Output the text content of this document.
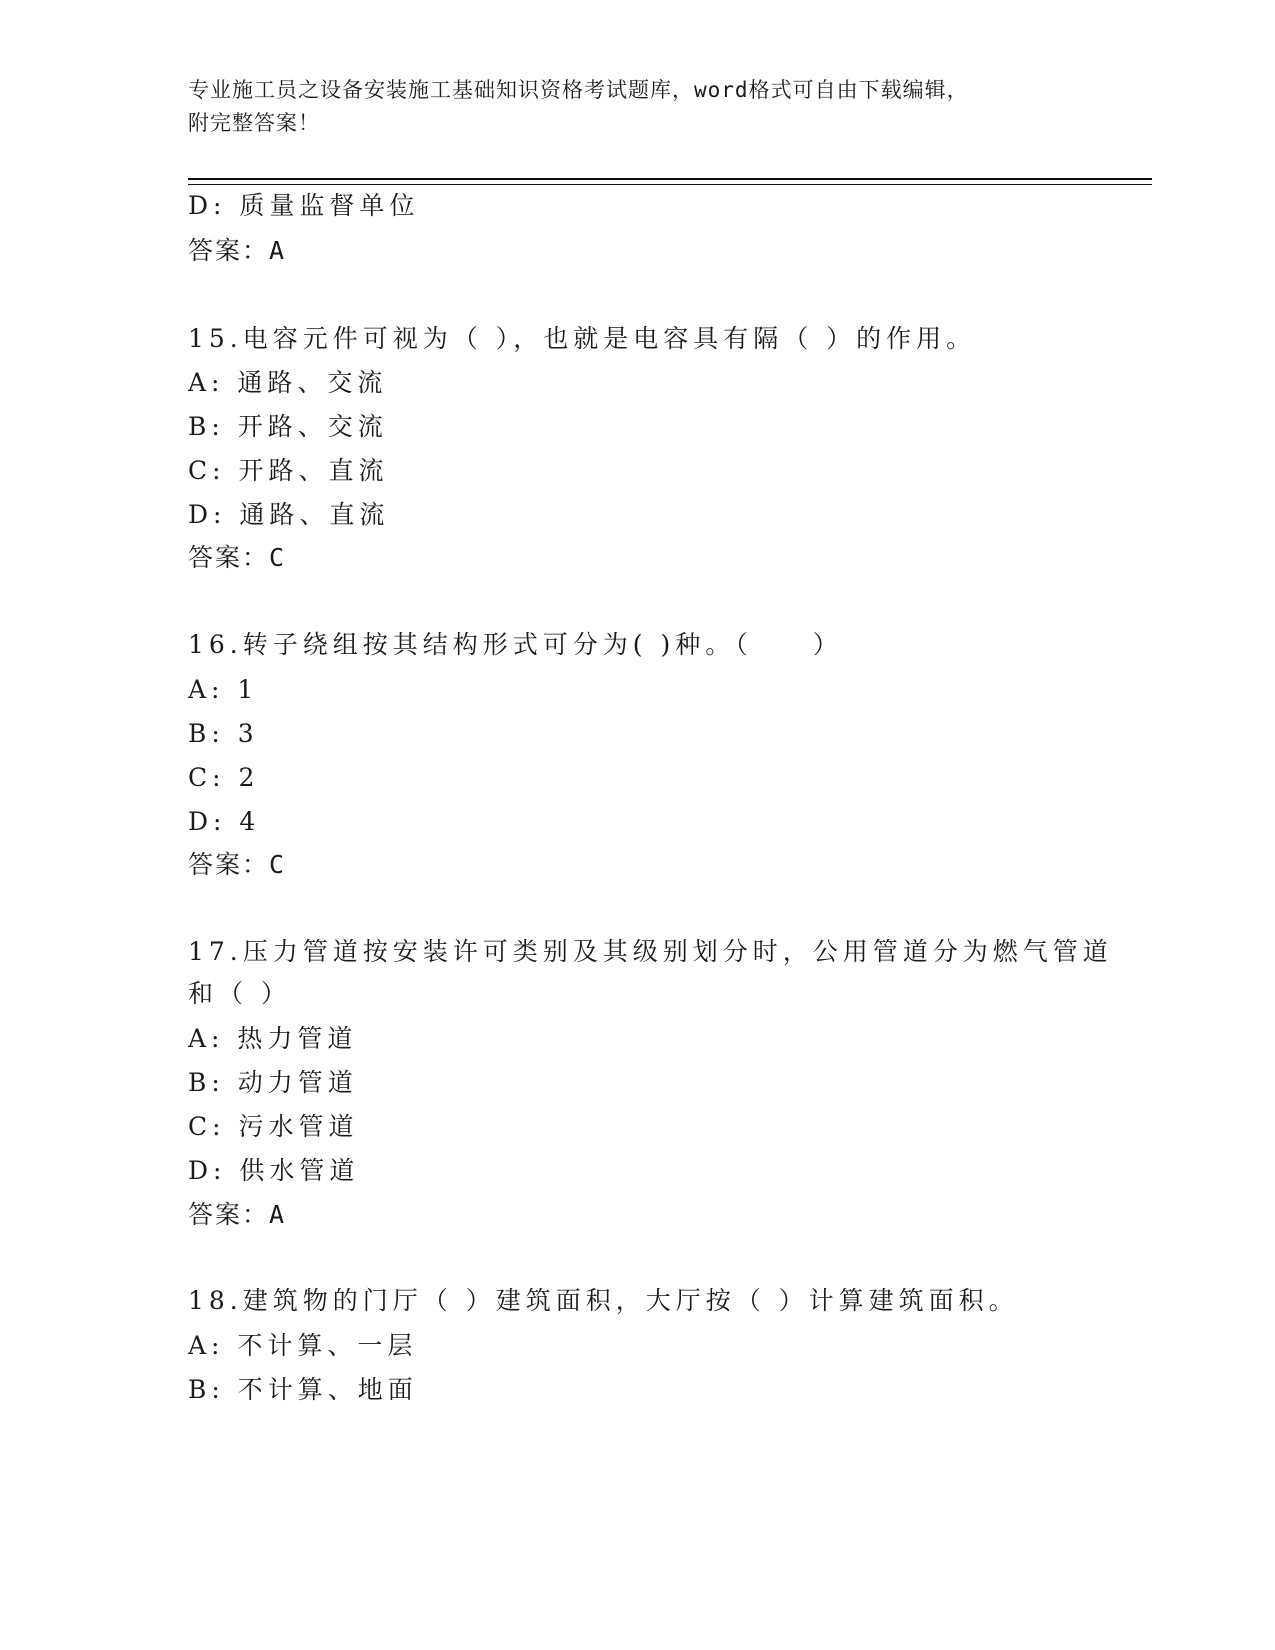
专业施工员之设备安装施工基础知识资格考试题库，word格式可自由下载编辑，
附完整答案！
D: 质量监督单位
答案：A
15.电容元件可视为（ ），也就是电容具有隔（ ）的作用。
A: 通路、交流
B: 开路、交流
C: 开路、直流
D: 通路、直流
答案：C
16.转子绕组按其结构形式可分为( )种。（　　）
A: 1
B: 3
C: 2
D: 4
答案：C
17.压力管道按安装许可类别及其级别划分时，公用管道分为燃气管道
和（ ）
A: 热力管道
B: 动力管道
C: 污水管道
D: 供水管道
答案：A
18.建筑物的门厅（ ）建筑面积，大厅按（ ）计算建筑面积。
A: 不计算、一层
B: 不计算、地面
